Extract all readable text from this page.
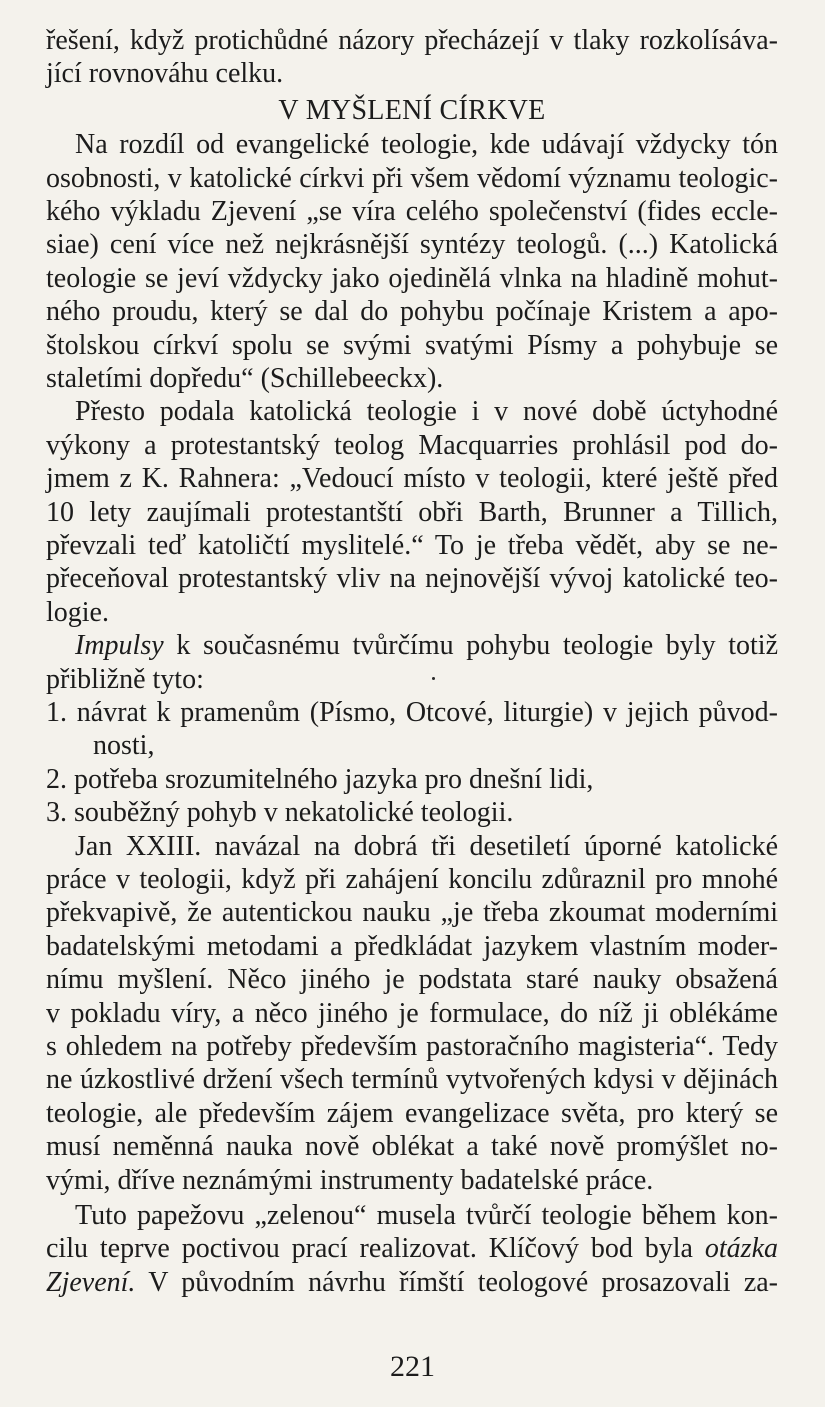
řešení, když protichůdné názory přecházejí v tlaky rozkolísáva-
jící rovnováhu celku.
V MYŠLENÍ CÍRKVE
Na rozdíl od evangelické teologie, kde udávají vždycky tón
osobnosti, v katolické církvi při všem vědomí významu teologic-
kého výkladu Zjevení „se víra celého společenství (fides eccle-
siae) cení více než nejkrásnější syntézy teologů. (...) Katolická
teologie se jeví vždycky jako ojedinělá vlnka na hladině mohut-
ného proudu, který se dal do pohybu počínaje Kristem a apo-
štolskou církví spolu se svými svatými Písmy a pohybuje se
staletími dopředu“ (Schillebeeckx).
Přesto podala katolická teologie i v nové době úctyhodné
výkony a protestantský teolog Macquarries prohlásil pod do-
jmem z K. Rahnera: „Vedoucí místo v teologii, které ještě před
10 lety zaujímali protestantští obři Barth, Brunner a Tillich,
převzali teď katoličtí myslitelé.“ To je třeba vědět, aby se ne-
přeceňoval protestantský vliv na nejnovější vývoj katolické teo-
logie.
Impulsy k současnému tvůrčímu pohybu teologie byly totiž
přibližně tyto:
1. návrat k pramenům (Písmo, Otcové, liturgie) v jejich původ-
nosti,
2. potřeba srozumitelného jazyka pro dnešní lidi,
3. souběžný pohyb v nekatolické teologii.
Jan XXIII. navázal na dobrá tři desetiletí úporné katolické
práce v teologii, když při zahájení koncilu zdůraznil pro mnohé
překvapivě, že autentickou nauku „je třeba zkoumat moderními
badatelskými metodami a předkládat jazykem vlastním moder-
nímu myšlení. Něco jiného je podstata staré nauky obsažená
v pokladu víry, a něco jiného je formulace, do níž ji oblékáme
s ohledem na potřeby především pastoračního magisteria“. Tedy
ne úzkostlivé držení všech termínů vytvořených kdysi v dějinách
teologie, ale především zájem evangelizace světa, pro který se
musí neměnná nauka nově oblékat a také nově promýšlet no-
vými, dříve neznámými instrumenty badatelské práce.
221
Tuto papežovu „zelenou“ musela tvůrčí teologie během kon-
cilu teprve poctivou prací realizovat. Klíčový bod byla otázka
Zjevení. V původním návrhu římští teologové prosazovali za-
